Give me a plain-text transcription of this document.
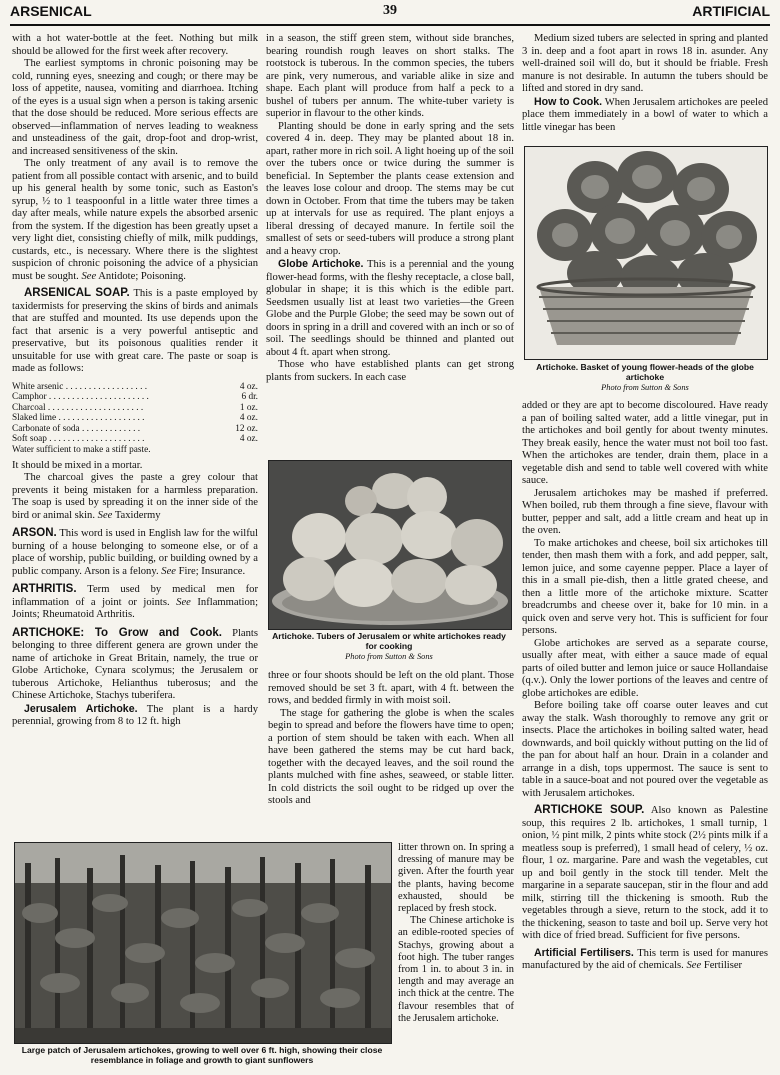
ARSENICAL	39	ARTIFICIAL

with a hot water-bottle at the feet. Nothing but milk should be allowed for the first week after recovery.

The earliest symptoms in chronic poisoning may be cold, running eyes, sneezing and cough; or there may be loss of appetite, nausea, vomiting and diarrhoea. Itching of the eyes is a usual sign when a person is taking arsenic that the dose should be reduced. More serious effects are observed—inflammation of nerves leading to weakness and unsteadiness of the gait, drop-foot and drop-wrist, and increased sensitiveness of the skin.

The only treatment of any avail is to remove the patient from all possible contact with arsenic, and to build up his general health by some tonic, such as Easton's syrup, ½ to 1 teaspoonful in a little water three times a day after meals, while nature expels the absorbed arsenic from the system. If the digestion has been greatly upset a very light diet, consisting chiefly of milk, milk puddings, custards, etc., is necessary. Where there is the slightest suspicion of chronic poisoning the advice of a physician must be sought. See Antidote; Poisoning.

ARSENICAL SOAP. This is a paste employed by taxidermists for preserving the skins of birds and animals that are stuffed and mounted. Its use depends upon the fact that arsenic is a very powerful antiseptic and preservative, but its poisonous qualities render it unsuitable for use with great care. The paste or soap is made as follows:

White arsenic . . . . . . . . . . . . . . . . . .	4 oz.
Camphor . . . . . . . . . . . . . . . . . . . . . .	6 dr.
Charcoal . . . . . . . . . . . . . . . . . . . . .	1 oz.
Slaked lime . . . . . . . . . . . . . . . . . . .	4 oz.
Carbonate of soda . . . . . . . . . . . . .	12 oz.
Soft soap . . . . . . . . . . . . . . . . . . . . .	4 oz.
Water sufficient to make a stiff paste.

It should be mixed in a mortar.

The charcoal gives the paste a grey colour that prevents it being mistaken for a harmless preparation. The soap is used by spreading it on the inner side of the bird or animal skin. See Taxidermy

ARSON. This word is used in English law for the wilful burning of a house belonging to someone else, or of a place of worship, public building, or building owned by a public company. Arson is a felony. See Fire; Insurance.

ARTHRITIS. Term used by medical men for inflammation of a joint or joints. See Inflammation; Joints; Rheumatoid Arthritis.

ARTICHOKE: To Grow and Cook. Plants belonging to three different genera are grown under the name of artichoke in Great Britain, namely, the true or Globe Artichoke, Cynara scolymus; the Jerusalem or tuberous Artichoke, Helianthus tuberosus; and the Chinese Artichoke, Stachys tuberifera.

Jerusalem Artichoke. The plant is a hardy perennial, growing from 8 to 12 ft. high

in a season, the stiff green stem, without side branches, bearing roundish rough leaves on short stalks. The rootstock is tuberous. In the common species, the tubers are pink, very numerous, and variable alike in size and shape. Each plant will produce from half a peck to a bushel of tubers per annum. The white-tuber variety is superior in flavour to the other kinds.

Planting should be done in early spring and the sets covered 4 in. deep. They may be planted about 18 in. apart, rather more in rich soil. A light hoeing up of the soil over the tubers once or twice during the summer is beneficial. In September the plants cease extension and the leaves lose colour and droop. The stems may be cut down in October. From that time the tubers may be taken up at intervals for use as required. The plant enjoys a liberal dressing of decayed manure. In fertile soil the smallest of sets or seed-tubers will produce a strong plant and a heavy crop.

Globe Artichoke. This is a perennial and the young flower-head forms, with the fleshy receptacle, a close ball, globular in shape; it is this which is the edible part. Seedsmen usually list at least two varieties—the Green Globe and the Purple Globe; the seed may be sown out of doors in spring in a drill and covered with an inch or so of soil. The seedlings should be thinned and planted out about 4 ft. apart when strong.

Those who have established plants can get strong plants from suckers. In each case

Artichoke. Tubers of Jerusalem or white artichokes ready for cooking
Photo from Sutton & Sons

three or four shoots should be left on the old plant. Those removed should be set 3 ft. apart, with 4 ft. between the rows, and bedded firmly in with moist soil.

The stage for gathering the globe is when the scales begin to spread and before the flowers have time to open; a portion of stem should be taken with each. When all have been gathered the stems may be cut hard back, together with the decayed leaves, and the soil round the plants mulched with fine ashes, seaweed, or stable litter. In cold districts the soil ought to be ridged up over the stools and

Large patch of Jerusalem artichokes, growing to well over 6 ft. high, showing their close resemblance in foliage and growth to giant sunflowers

litter thrown on. In spring a dressing of manure may be given. After the fourth year the plants, having become exhausted, should be replaced by fresh stock.

The Chinese artichoke is an edible-rooted species of Stachys, growing about a foot high. The tuber ranges from 1 in. to about 3 in. in length and may average an inch thick at the centre. The flavour resembles that of the Jerusalem artichoke.

Medium sized tubers are selected in spring and planted 3 in. deep and a foot apart in rows 18 in. asunder. Any well-drained soil will do, but it should be friable. Fresh manure is not desirable. In autumn the tubers should be lifted and stored in dry sand.

How to Cook. When Jerusalem artichokes are peeled place them immediately in a bowl of water to which a little vinegar has been

Artichoke. Basket of young flower-heads of the globe artichoke
Photo from Sutton & Sons

added or they are apt to become discoloured. Have ready a pan of boiling salted water, add a little vinegar, put in the artichokes and boil gently for about twenty minutes. They break easily, hence the water must not boil too fast. When the artichokes are tender, drain them, place in a vegetable dish and send to table well covered with white sauce.

Jerusalem artichokes may be mashed if preferred. When boiled, rub them through a fine sieve, flavour with butter, pepper and salt, add a little cream and heat up in the oven.

To make artichokes and cheese, boil six artichokes till tender, then mash them with a fork, and add pepper, salt, lemon juice, and some cayenne pepper. Place a layer of this in a small pie-dish, then a little grated cheese, and then a little more of the artichoke mixture. Scatter breadcrumbs and cheese over it, bake for 10 min. in a quick oven and serve very hot. This is sufficient for four persons.

Globe artichokes are served as a separate course, usually after meat, with either a sauce made of equal parts of oiled butter and lemon juice or sauce Hollandaise (q.v.). Only the lower portions of the leaves and centre of globe artichokes are edible.

Before boiling take off coarse outer leaves and cut away the stalk. Wash thoroughly to remove any grit or insects. Place the artichokes in boiling salted water, head downwards, and boil quickly without putting on the lid of the pan for about half an hour. Drain in a colander and arrange in a dish, tops uppermost. The sauce is sent to table in a sauce-boat and not poured over the vegetable as with Jerusalem artichokes.

ARTICHOKE SOUP. Also known as Palestine soup, this requires 2 lb. artichokes, 1 small turnip, 1 onion, ½ pint milk, 2 pints white stock (2½ pints milk if a meatless soup is preferred), 1 small head of celery, ½ oz. flour, 1 oz. margarine. Pare and wash the vegetables, cut up and boil gently in the stock till tender. Melt the margarine in a separate saucepan, stir in the flour and add milk, stirring till the thickening is smooth. Rub the vegetables through a sieve, return to the stock, add it to the thickening, season to taste and boil up. Serve very hot with dice of fried bread. Sufficient for five persons.

Artificial Fertilisers. This term is used for manures manufactured by the aid of chemicals. See Fertiliser
